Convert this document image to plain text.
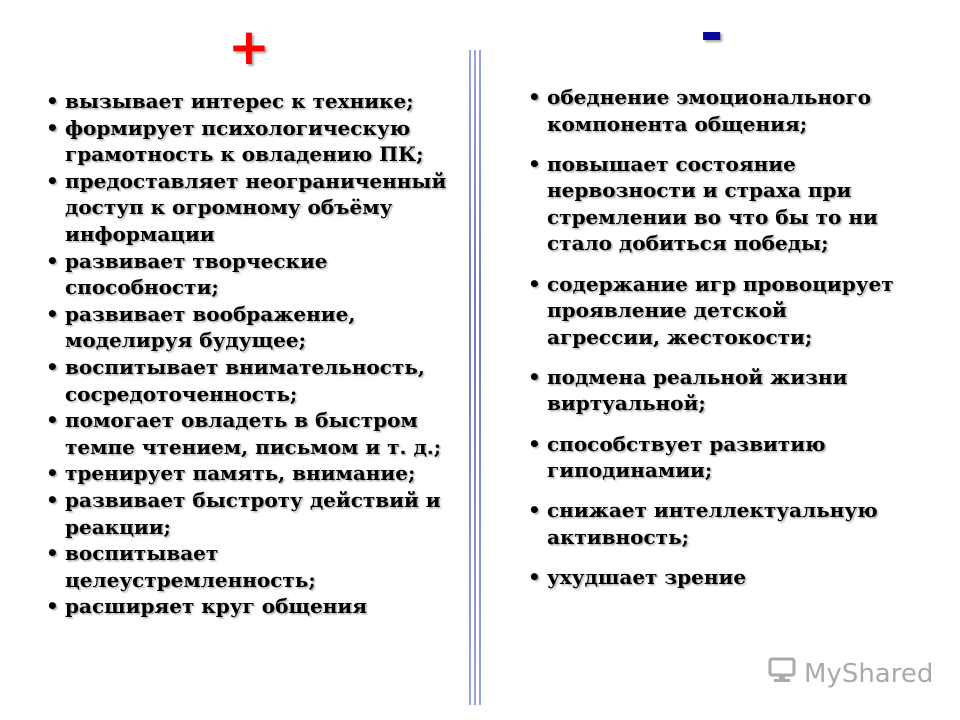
+	-
• вызывает интерес к технике;
• формирует психологическую грамотность к овладению ПК;
• предоставляет неограниченный доступ к огромному объёму информации
• развивает творческие способности;
• развивает воображение, моделируя будущее;
• воспитывает внимательность, сосредоточенность;
• помогает овладеть в быстром темпе чтением, письмом и т. д.;
• тренирует память, внимание;
• развивает быстроту действий и реакции;
• воспитывает целеустремленность;
• расширяет круг общения
• обеднение эмоционального компонента общения;
• повышает состояние нервозности и страха при стремлении во что бы то ни стало добиться победы;
• содержание игр провоцирует проявление детской агрессии, жестокости;
• подмена реальной жизни виртуальной;
• способствует развитию гиподинамии;
• снижает интеллектуальную активность;
• ухудшает зрение
MyShared
